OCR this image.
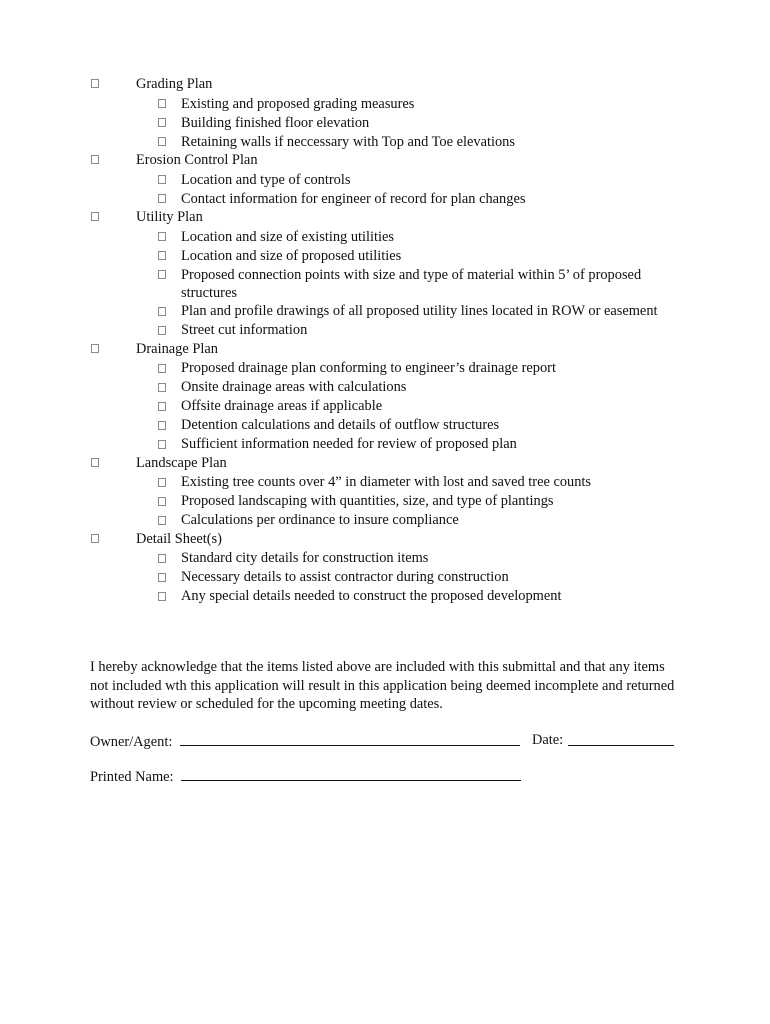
Grading Plan
Existing and proposed grading measures
Building finished floor elevation
Retaining walls if neccessary with Top and Toe elevations
Erosion Control Plan
Location and type of controls
Contact information for engineer of record for plan changes
Utility Plan
Location and size of existing utilities
Location and size of proposed utilities
Proposed connection points with size and type of material within 5’ of proposed structures
Plan and profile drawings of all proposed utility lines located in ROW or easement
Street cut information
Drainage Plan
Proposed drainage plan conforming to engineer’s drainage report
Onsite drainage areas with calculations
Offsite drainage areas if applicable
Detention calculations and details of outflow structures
Sufficient information needed for review of proposed plan
Landscape Plan
Existing tree counts over 4” in diameter with lost and saved tree counts
Proposed landscaping with quantities, size, and type of plantings
Calculations per ordinance to insure compliance
Detail Sheet(s)
Standard city details for construction items
Necessary details to assist contractor during construction
Any special details needed to construct the proposed development

I hereby acknowledge that the items listed above are included with this submittal and that any items not included wth this application will result in this application being deemed incomplete and returned without review or scheduled for the upcoming meeting dates.

Owner/Agent:	Date:
Printed Name:
